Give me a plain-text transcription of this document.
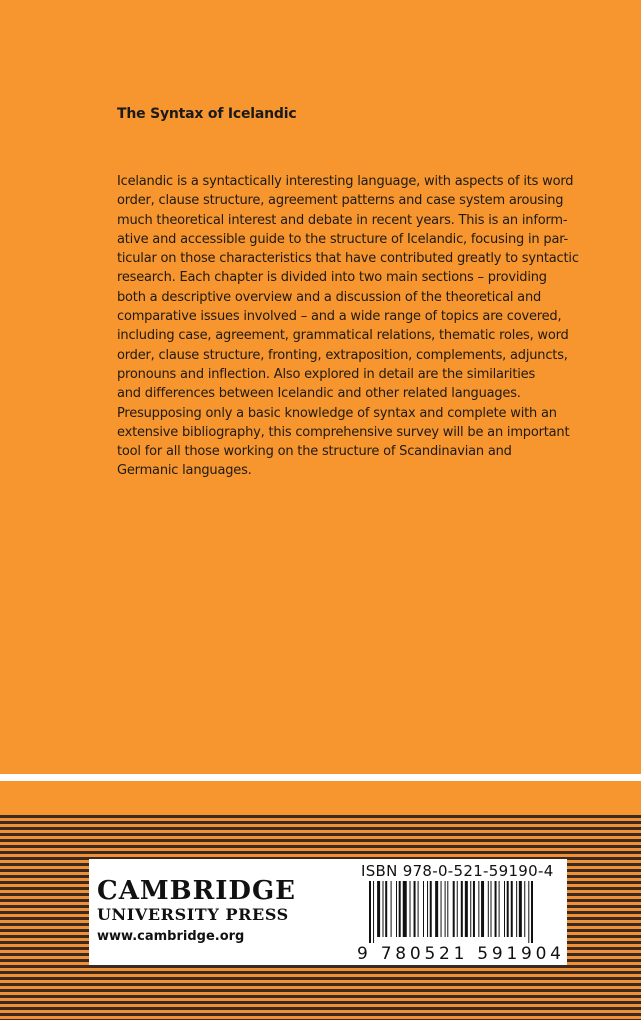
The Syntax of Icelandic
Icelandic is a syntactically interesting language, with aspects of its word
order, clause structure, agreement patterns and case system arousing
much theoretical interest and debate in recent years. This is an inform-
ative and accessible guide to the structure of Icelandic, focusing in par-
ticular on those characteristics that have contributed greatly to syntactic
research. Each chapter is divided into two main sections – providing
both a descriptive overview and a discussion of the theoretical and
comparative issues involved – and a wide range of topics are covered,
including case, agreement, grammatical relations, thematic roles, word
order, clause structure, fronting, extraposition, complements, adjuncts,
pronouns and inflection. Also explored in detail are the similarities
and differences between Icelandic and other related languages.
Presupposing only a basic knowledge of syntax and complete with an
extensive bibliography, this comprehensive survey will be an important
tool for all those working on the structure of Scandinavian and
Germanic languages.
CAMBRIDGE
UNIVERSITY PRESS
www.cambridge.org
ISBN 978-0-521-59190-4
9 780521 591904
